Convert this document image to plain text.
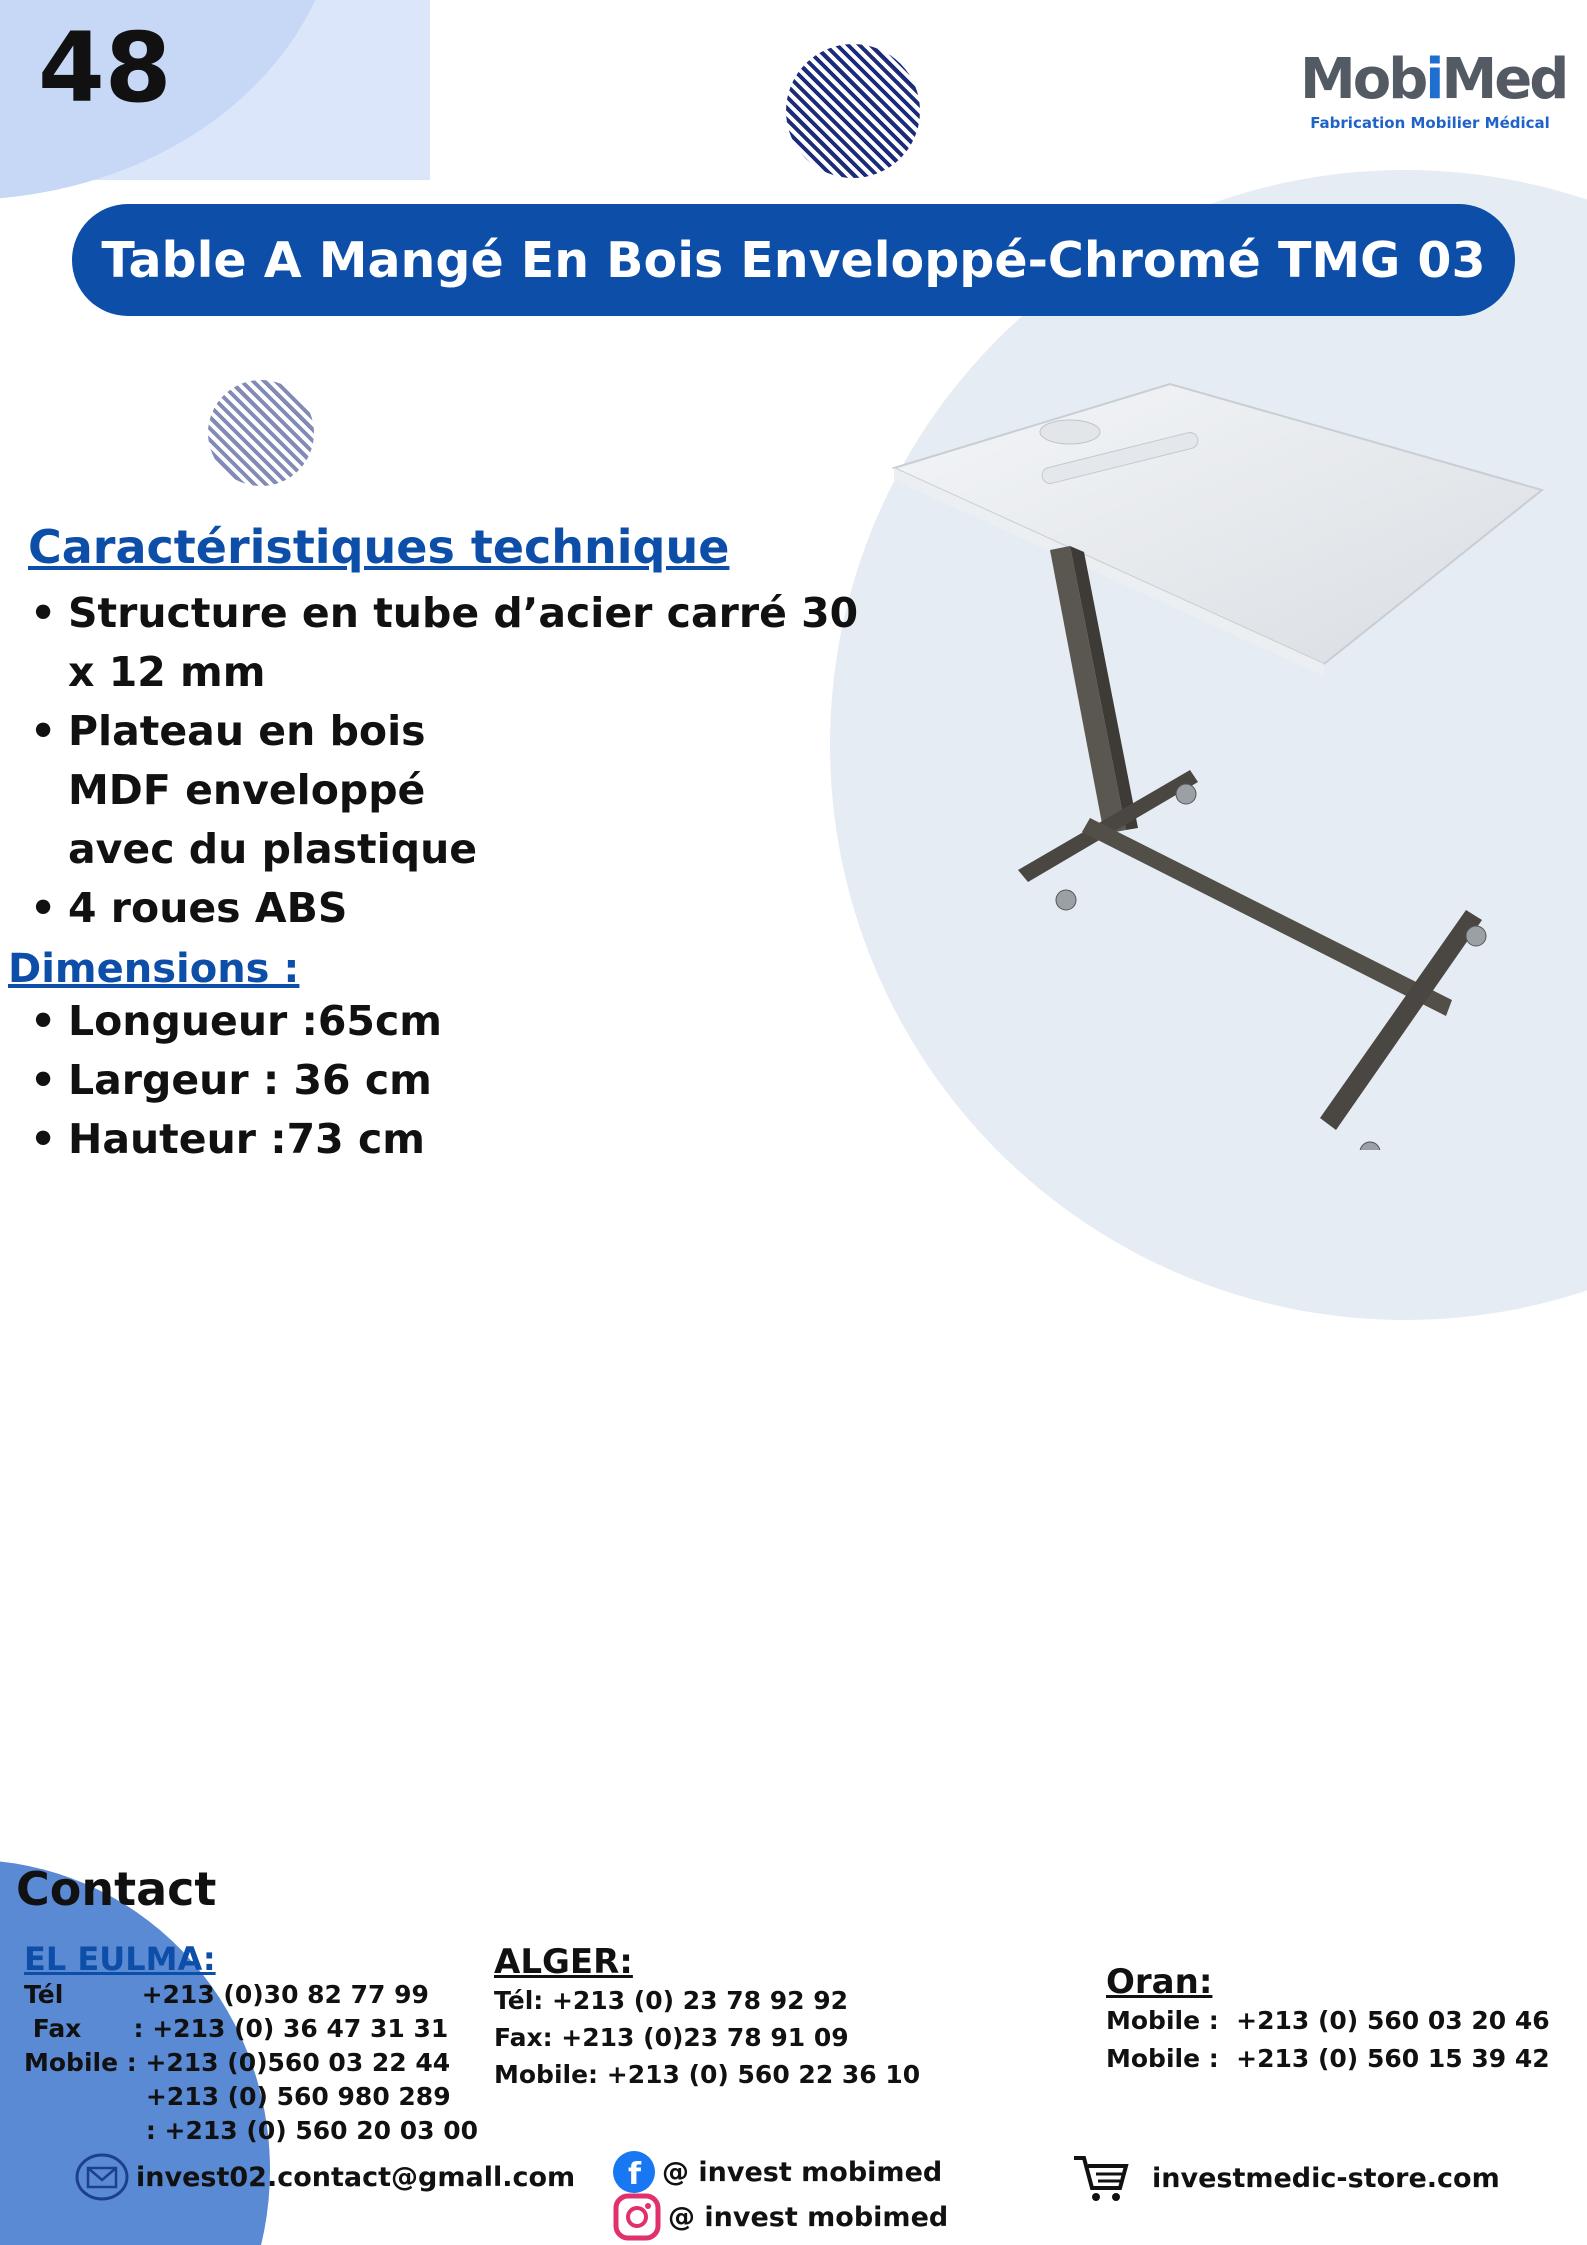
48	MobiMed
Fabrication Mobilier Médical
Table A Mangé En Bois Enveloppé-Chromé TMG 03
Caractéristiques technique
• Structure en tube d’acier carré 30 x 12 mm
• Plateau en bois MDF enveloppé avec du plastique
• 4 roues ABS
Dimensions :
• Longueur :65cm
• Largeur : 36 cm
• Hauteur :73 cm
Contact
EL EULMA:
Tél         +213 (0)30 82 77 99
Fax      : +213 (0) 36 47 31 31
Mobile : +213 (0)560 03 22 44
+213 (0) 560 980 289
: +213 (0) 560 20 03 00
ALGER:
Tél: +213 (0) 23 78 92 92
Fax: +213 (0)23 78 91 09
Mobile: +213 (0) 560 22 36 10
Oran:
Mobile :  +213 (0) 560 03 20 46
Mobile :  +213 (0) 560 15 39 42
invest02.contact@gmall.com f @ invest mobimed
@ invest mobimed
investmedic-store.com
